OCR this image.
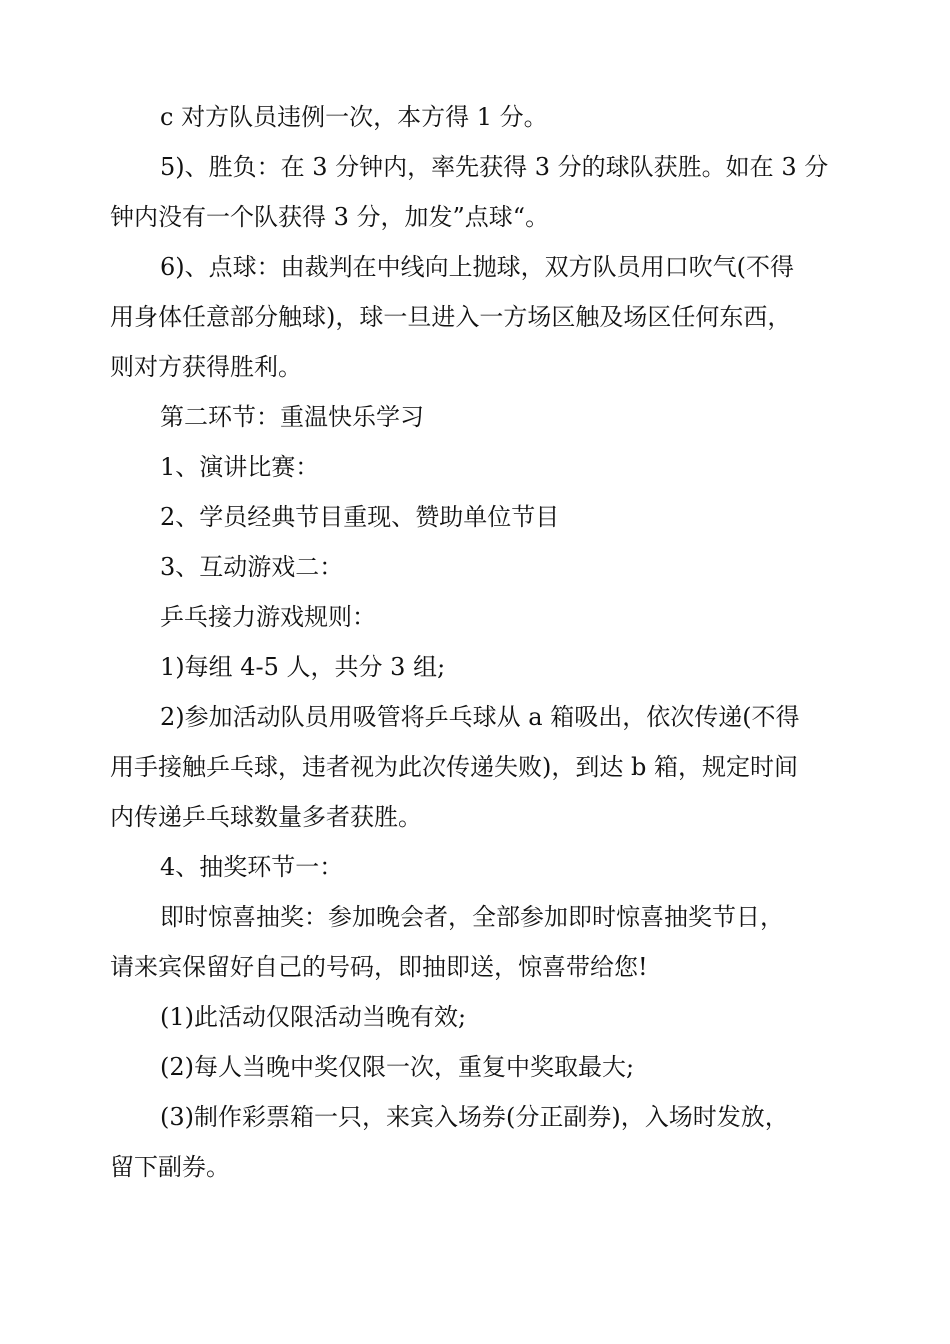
c 对方队员违例一次，本方得 1 分。

5)、胜负：在 3 分钟内，率先获得 3 分的球队获胜。如在 3 分
钟内没有一个队获得 3 分，加发”点球“。

6)、点球：由裁判在中线向上抛球，双方队员用口吹气(不得
用身体任意部分触球)，球一旦进入一方场区触及场区任何东西，
则对方获得胜利。

第二环节：重温快乐学习

1、演讲比赛：

2、学员经典节目重现、赞助单位节目

3、互动游戏二：

乒乓接力游戏规则：

1)每组 4-5 人，共分 3 组;

2)参加活动队员用吸管将乒乓球从 a 箱吸出，依次传递(不得
用手接触乒乓球，违者视为此次传递失败)，到达 b 箱，规定时间
内传递乒乓球数量多者获胜。

4、抽奖环节一：

即时惊喜抽奖：参加晚会者，全部参加即时惊喜抽奖节日，
请来宾保留好自己的号码，即抽即送，惊喜带给您!

(1)此活动仅限活动当晚有效;

(2)每人当晚中奖仅限一次，重复中奖取最大;

(3)制作彩票箱一只，来宾入场券(分正副券)，入场时发放，
留下副券。
